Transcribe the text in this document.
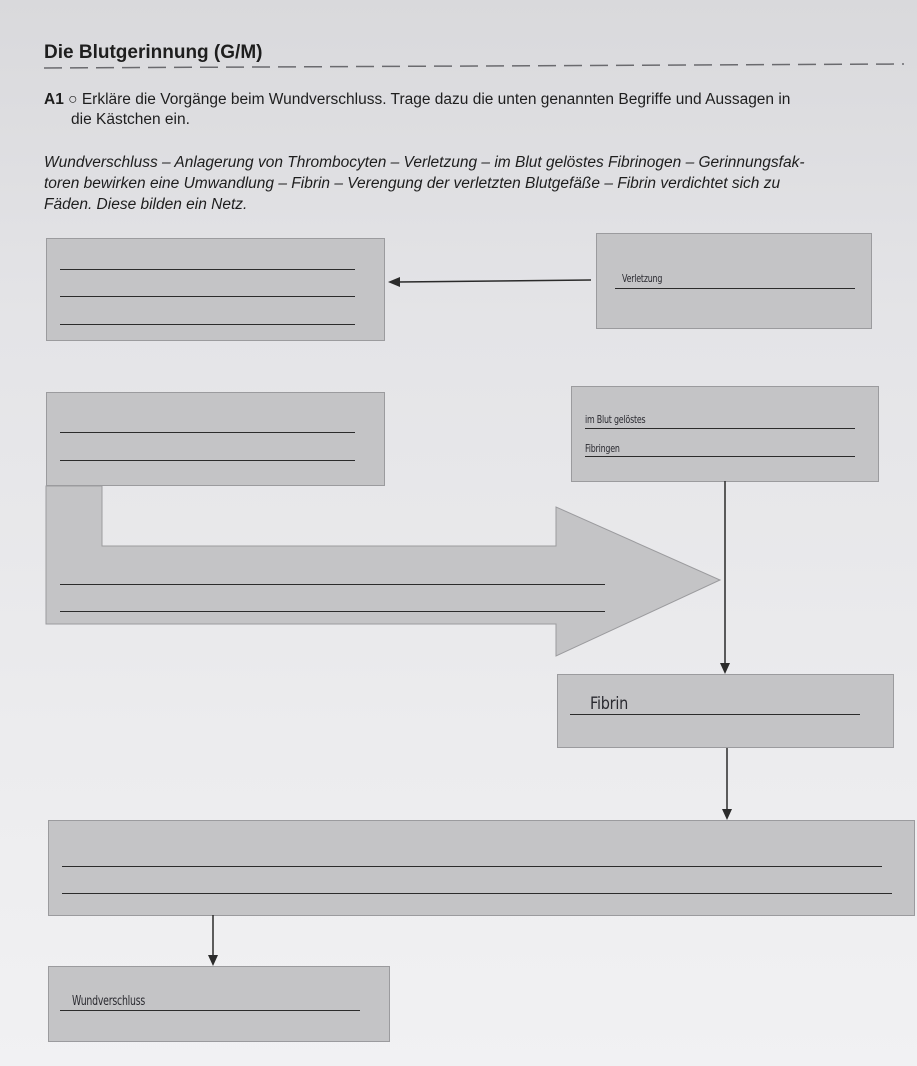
Die Blutgerinnung (G/M)
A1 ○ Erkläre die Vorgänge beim Wundverschluss. Trage dazu die unten genannten Begriffe und Aussagen in
die Kästchen ein.
Wundverschluss – Anlagerung von Thrombocyten – Verletzung – im Blut gelöstes Fibrinogen – Gerinnungsfak-
toren bewirken eine Umwandlung – Fibrin – Verengung der verletzten Blutgefäße – Fibrin verdichtet sich zu
Fäden. Diese bilden ein Netz.
Verletzung
im Blut gelöstes
Fibringen
Fibrin
Wundverschluss
